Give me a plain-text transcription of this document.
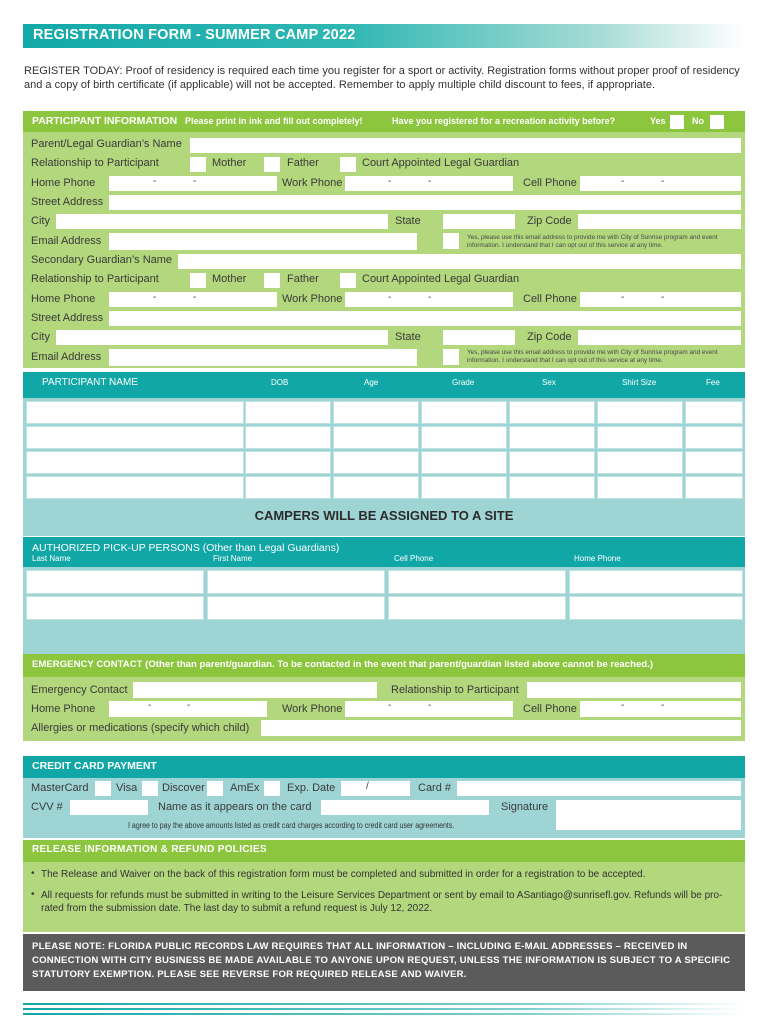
REGISTRATION FORM - SUMMER CAMP 2022
REGISTER TODAY: Proof of residency is required each time you register for a sport or activity. Registration forms without proper proof of residency and a copy of birth certificate (if applicable) will not be accepted. Remember to apply multiple child discount to fees, if appropriate.
PARTICIPANT INFORMATION Please print in ink and fill out completely!	Have you registered for a recreation activity before?	Yes	No
Parent/Legal Guardian’s Name
Relationship to Participant	Mother	Father	Court Appointed Legal Guardian
Home Phone	-	-	Work Phone	-	-	Cell Phone	-	-
Street Address
City	State	Zip Code
Email Address	Yes, please use this email address to provide me with City of Sunrise program and event information. I understand that I can opt out of this service at any time.
Secondary Guardian’s Name
Relationship to Participant	Mother	Father	Court Appointed Legal Guardian
Home Phone	-	-	Work Phone	-	-	Cell Phone	-	-
Street Address
City	State	Zip Code
Email Address	Yes, please use this email address to provide me with City of Sunrise program and event information. I understand that I can opt out of this service at any time.
PARTICIPANT NAME	DOB	Age	Grade	Sex	Shirt Size	Fee
CAMPERS WILL BE ASSIGNED TO A SITE
AUTHORIZED PICK-UP PERSONS (Other than Legal Guardians)
Last Name	First Name	Cell Phone	Home Phone
EMERGENCY CONTACT (Other than parent/guardian. To be contacted in the event that parent/guardian listed above cannot be reached.)
Emergency Contact	Relationship to Participant
Home Phone	-	-	Work Phone	-	-	Cell Phone	-	-
Allergies or medications (specify which child)
CREDIT CARD PAYMENT
MasterCard	Visa Discover AmEx	Exp. Date	/	Card #
CVV #	Name as it appears on the card	Signature
I agree to pay the above amounts listed as credit card charges according to credit card user agreements.
RELEASE INFORMATION & REFUND POLICIES
• The Release and Waiver on the back of this registration form must be completed and submitted in order for a registration to be accepted.
• All requests for refunds must be submitted in writing to the Leisure Services Department or sent by email to ASantiago@sunrisefl.gov. Refunds will be pro-rated from the submission date. The last day to submit a refund request is July 12, 2022.
PLEASE NOTE: FLORIDA PUBLIC RECORDS LAW REQUIRES THAT ALL INFORMATION – INCLUDING E-MAIL ADDRESSES – RECEIVED IN CONNECTION WITH CITY BUSINESS BE MADE AVAILABLE TO ANYONE UPON REQUEST, UNLESS THE INFORMATION IS SUBJECT TO A SPECIFIC STATUTORY EXEMPTION. PLEASE SEE REVERSE FOR REQUIRED RELEASE AND WAIVER.
